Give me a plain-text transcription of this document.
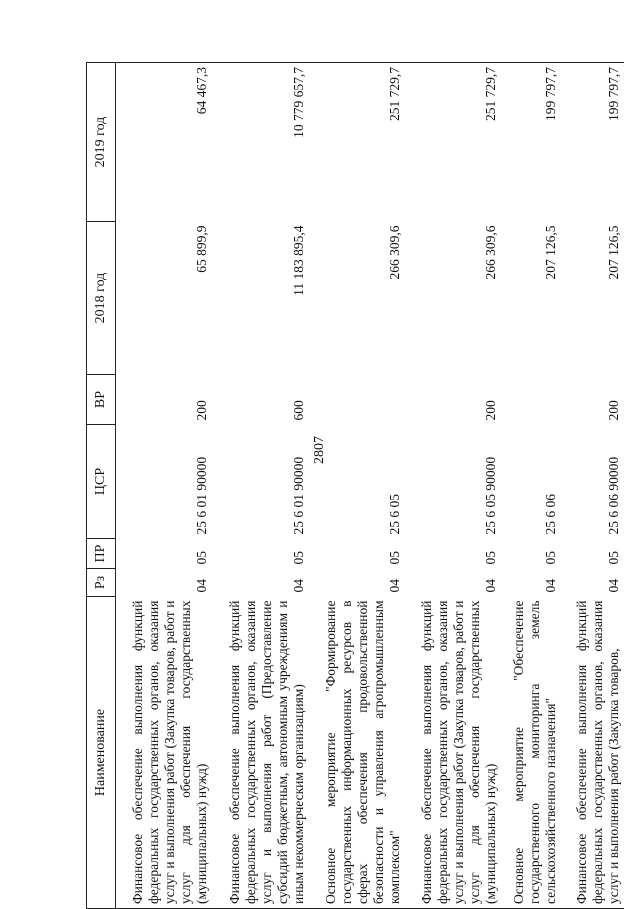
2807
Наименование	Рз	ПР	ЦСР	ВР	2018 год	2019 год
Финансовое обеспечение выполнения функций федеральных государственных органов, оказания услуг и выполнения работ (Закупка товаров, работ и услуг для обеспечения государственных (муниципальных) нужд)	04	05	25 6 01 90000	200	65 899,9	64 467,3
Финансовое обеспечение выполнения функций федеральных государственных органов, оказания услуг и выполнения работ (Предоставление субсидий бюджетным, автономным учреждениям и иным некоммерческим организациям)	04	05	25 6 01 90000	600	11 183 895,4	10 779 657,7
Основное мероприятие "Формирование государственных информационных ресурсов в сферах обеспечения продовольственной безопасности и управления агропромышленным комплексом"	04	05	25 6 05		266 309,6	251 729,7
Финансовое обеспечение выполнения функций федеральных государственных органов, оказания услуг и выполнения работ (Закупка товаров, работ и услуг для обеспечения государственных (муниципальных) нужд)	04	05	25 6 05 90000	200	266 309,6	251 729,7
Основное мероприятие "Обеспечение государственного мониторинга земель сельскохозяйственного назначения"	04	05	25 6 06		207 126,5	199 797,7

Финансовое обеспечение выполнения функций федеральных государственных органов, оказания услуг и выполнения работ (Закупка товаров,	04	05	25 6 06 90000	200	207 126,5	199 797,7
